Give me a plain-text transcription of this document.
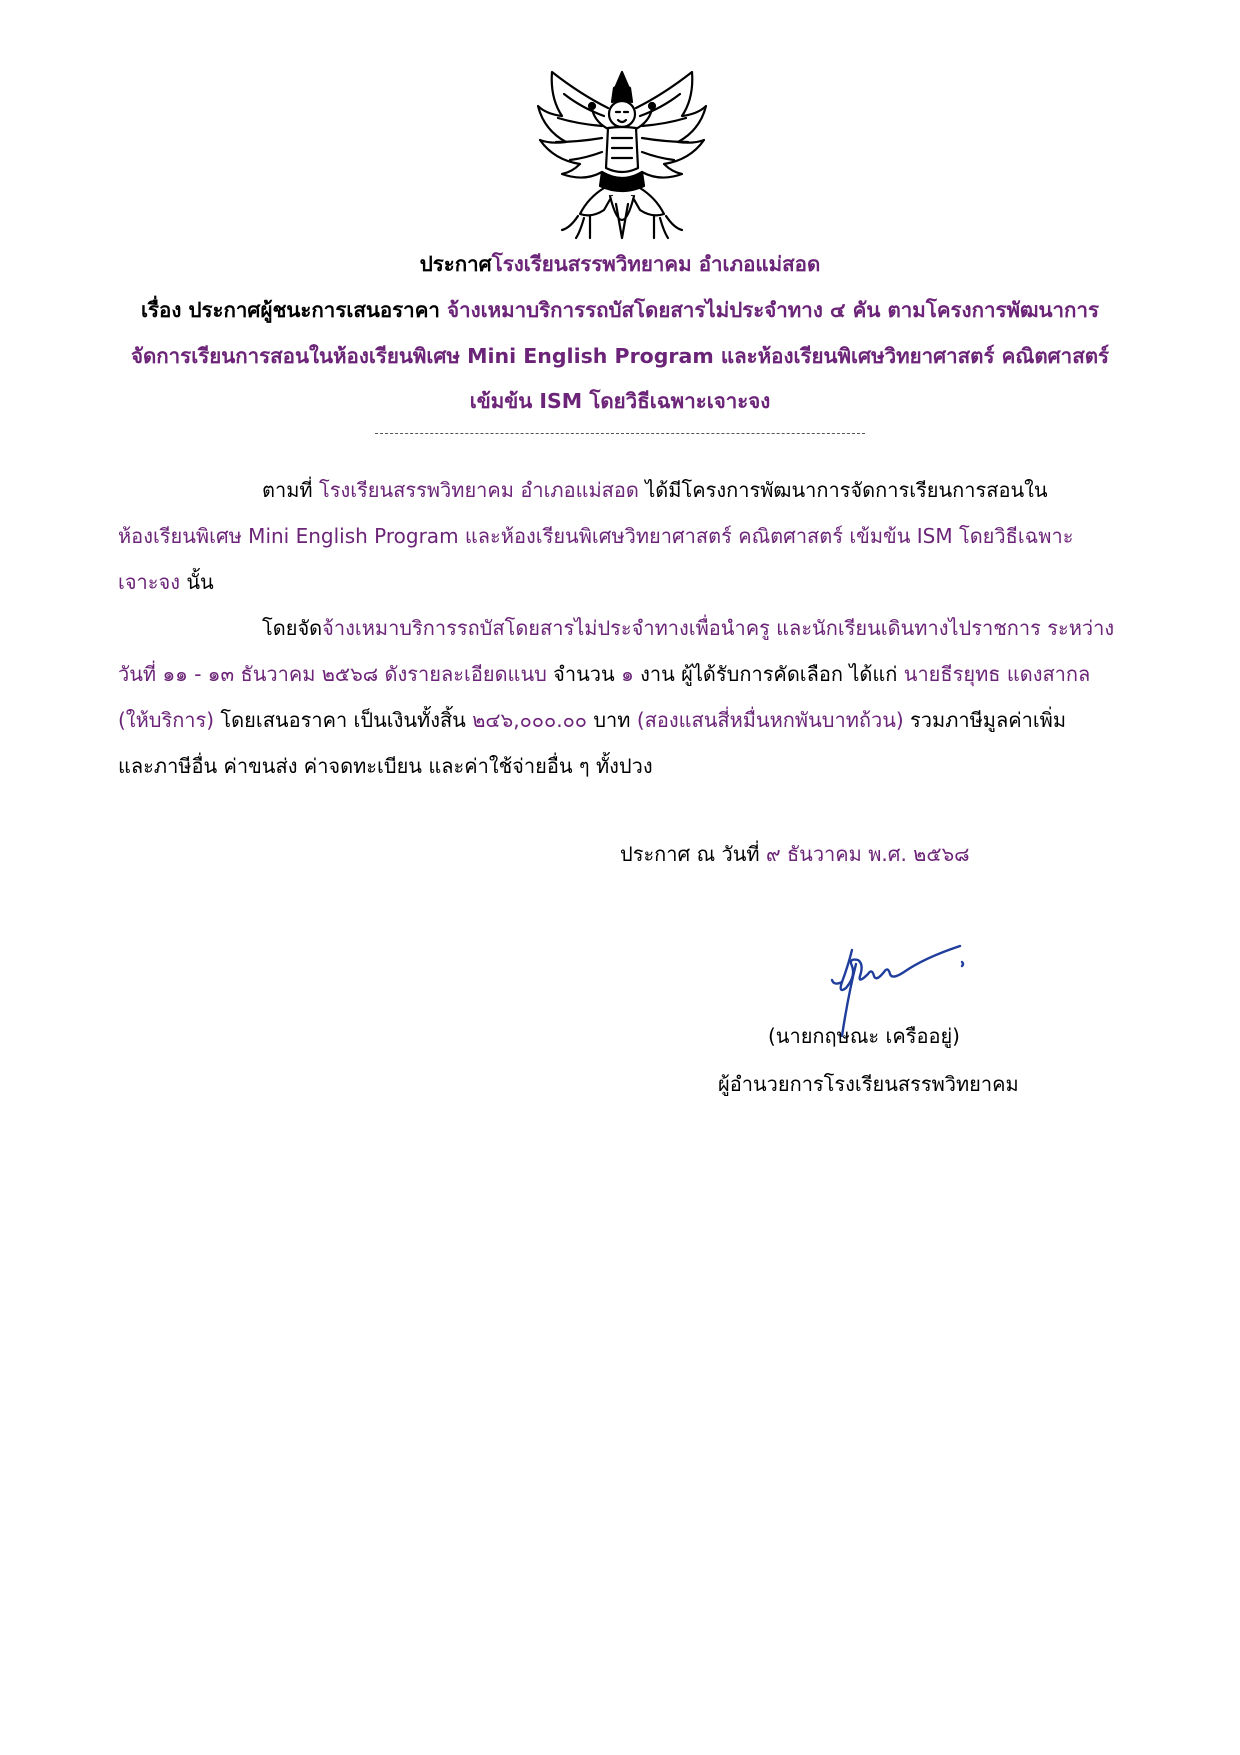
ประกาศโรงเรียนสรรพวิทยาคม อำเภอแม่สอด
เรื่อง ประกาศผู้ชนะการเสนอราคา จ้างเหมาบริการรถบัสโดยสารไม่ประจำทาง ๔ คัน ตามโครงการพัฒนาการ
จัดการเรียนการสอนในห้องเรียนพิเศษ Mini English Program และห้องเรียนพิเศษวิทยาศาสตร์ คณิตศาสตร์
เข้มข้น ISM โดยวิธีเฉพาะเจาะจง
ตามที่ โรงเรียนสรรพวิทยาคม อำเภอแม่สอด ได้มีโครงการพัฒนาการจัดการเรียนการสอนใน
ห้องเรียนพิเศษ Mini English Program และห้องเรียนพิเศษวิทยาศาสตร์ คณิตศาสตร์ เข้มข้น ISM โดยวิธีเฉพาะ
เจาะจง นั้น
โดยจัดจ้างเหมาบริการรถบัสโดยสารไม่ประจำทางเพื่อนำครู และนักเรียนเดินทางไปราชการ ระหว่าง
วันที่ ๑๑ - ๑๓ ธันวาคม ๒๕๖๘ ดังรายละเอียดแนบ จำนวน ๑ งาน ผู้ได้รับการคัดเลือก ได้แก่ นายธีรยุทธ แดงสากล
(ให้บริการ) โดยเสนอราคา เป็นเงินทั้งสิ้น ๒๔๖,๐๐๐.๐๐ บาท (สองแสนสี่หมื่นหกพันบาทถ้วน) รวมภาษีมูลค่าเพิ่ม
และภาษีอื่น ค่าขนส่ง ค่าจดทะเบียน และค่าใช้จ่ายอื่น ๆ ทั้งปวง
ประกาศ ณ วันที่ ๙ ธันวาคม พ.ศ. ๒๕๖๘
(นายกฤษณะ เครืออยู่)
ผู้อำนวยการโรงเรียนสรรพวิทยาคม
